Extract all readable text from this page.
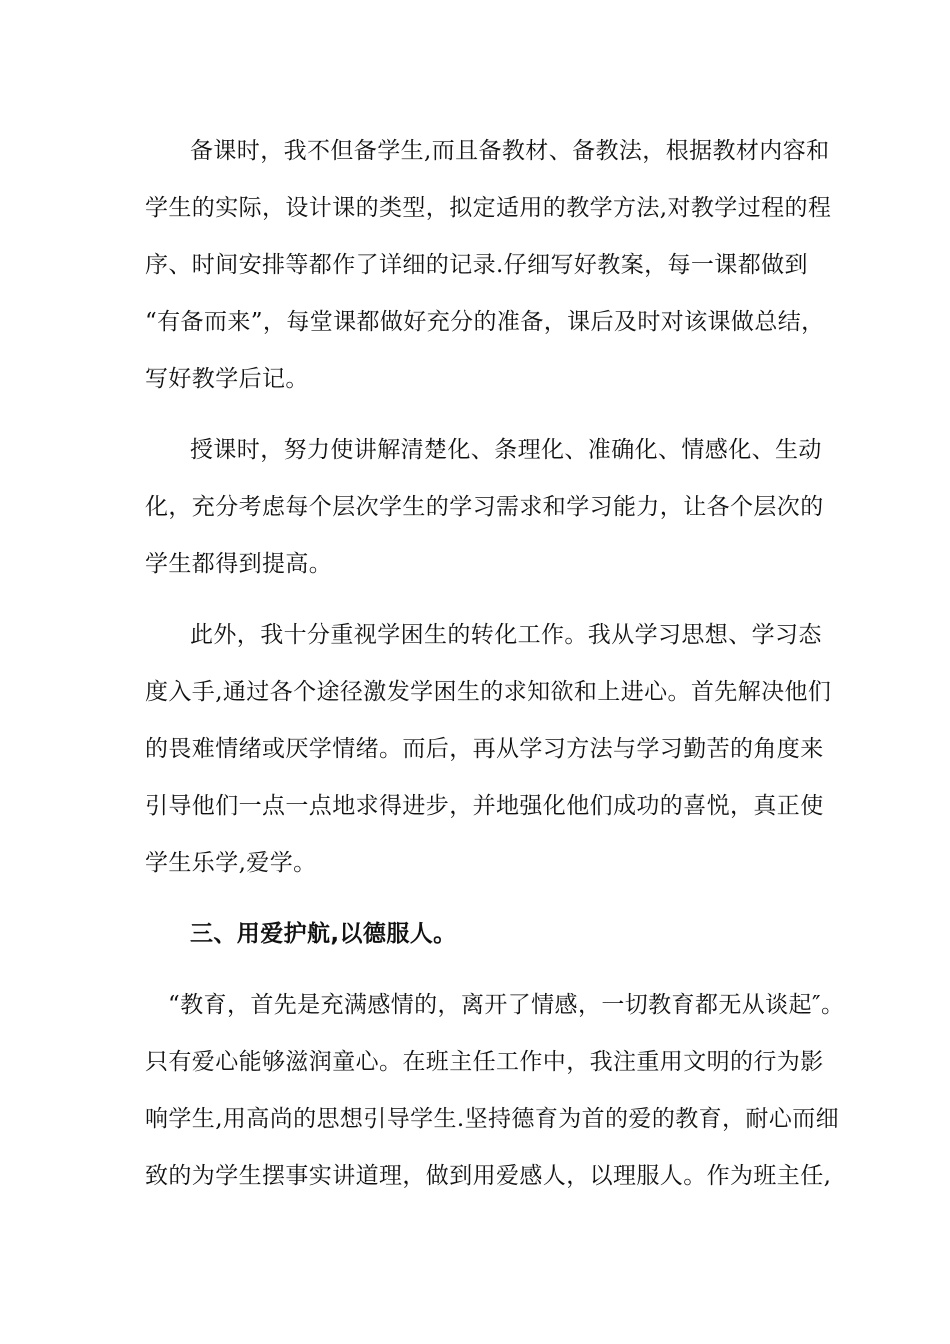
备课时，我不但备学生,而且备教材、备教法，根据教材内容和
学生的实际，设计课的类型，拟定适用的教学方法,对教学过程的程
序、时间安排等都作了详细的记录.仔细写好教案，每一课都做到
“有备而来”，每堂课都做好充分的准备，课后及时对该课做总结，
写好教学后记。
授课时，努力使讲解清楚化、条理化、准确化、情感化、生动
化，充分考虑每个层次学生的学习需求和学习能力，让各个层次的
学生都得到提高。
此外，我十分重视学困生的转化工作。我从学习思想、学习态
度入手,通过各个途径激发学困生的求知欲和上进心。首先解决他们
的畏难情绪或厌学情绪。而后，再从学习方法与学习勤苦的角度来
引导他们一点一点地求得进步，并地强化他们成功的喜悦，真正使
学生乐学,爱学。
三、用爱护航,以德服人。
“教育，首先是充满感情的，离开了情感，一切教育都无从谈起″。
只有爱心能够滋润童心。在班主任工作中，我注重用文明的行为影
响学生,用高尚的思想引导学生.坚持德育为首的爱的教育，耐心而细
致的为学生摆事实讲道理，做到用爱感人，以理服人。作为班主任,
